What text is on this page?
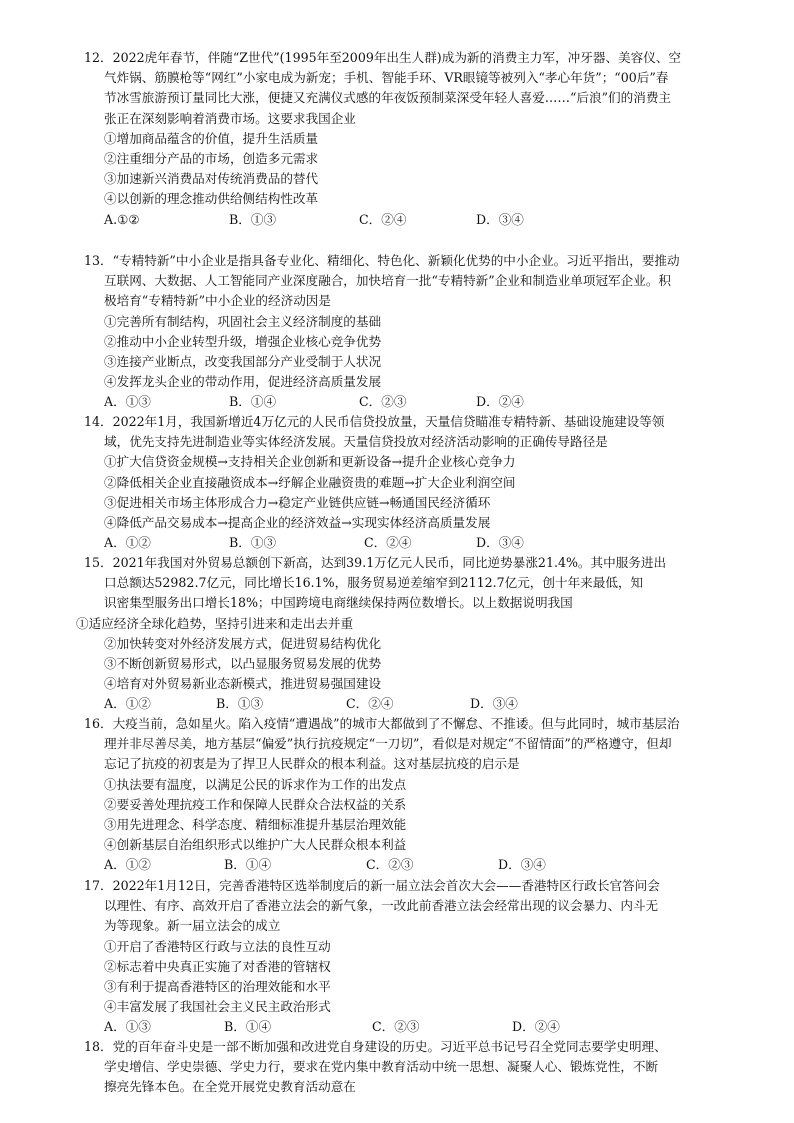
12．2022虎年春节，伴随“Z世代”(1995年至2009年出生人群)成为新的消费主力军，冲牙器、美容仪、空
气炸锅、筋膜枪等“网红”小家电成为新宠；手机、智能手环、VR眼镜等被列入“孝心年货”；“00后”春
节冰雪旅游预订量同比大涨，便捷又充满仪式感的年夜饭预制菜深受年轻人喜爱……“后浪”们的消费主
张正在深刻影响着消费市场。这要求我国企业
①增加商品蕴含的价值，提升生活质量
②注重细分产品的市场，创造多元需求
③加速新兴消费品对传统消费品的替代
④以创新的理念推动供给侧结构性改革
A.①②	B．①③	C．②④	D．③④
13．“专精特新”中小企业是指具备专业化、精细化、特色化、新颖化优势的中小企业。习近平指出，要推动
互联网、大数据、人工智能同产业深度融合，加快培育一批“专精特新”企业和制造业单项冠军企业。积
极培育“专精特新”中小企业的经济动因是
①完善所有制结构，巩固社会主义经济制度的基础
②推动中小企业转型升级，增强企业核心竞争优势
③连接产业断点，改变我国部分产业受制于人状况
④发挥龙头企业的带动作用，促进经济高质量发展
A．①③	B．①④	C．②③	D．②④
14．2022年1月，我国新增近4万亿元的人民币信贷投放量，天量信贷瞄准专精特新、基础设施建设等领
域，优先支持先进制造业等实体经济发展。天量信贷投放对经济活动影响的正确传导路径是
①扩大信贷资金规模→支持相关企业创新和更新设备→提升企业核心竞争力
②降低相关企业直接融资成本→纾解企业融资贵的难题→扩大企业利润空间
③促进相关市场主体形成合力→稳定产业链供应链→畅通国民经济循环
④降低产品交易成本→提高企业的经济效益→实现实体经济高质量发展
A．①②	B．①③	C．②④	D．③④
15．2021年我国对外贸易总额创下新高，达到39.1万亿元人民币，同比逆势暴涨21.4%。其中服务进出
口总额达52982.7亿元，同比增长16.1%，服务贸易逆差缩窄到2112.7亿元，创十年来最低，知
识密集型服务出口增长18%；中国跨境电商继续保持两位数增长。以上数据说明我国
①适应经济全球化趋势，坚持引进来和走出去并重
②加快转变对外经济发展方式，促进贸易结构优化
③不断创新贸易形式，以凸显服务贸易发展的优势
④培育对外贸易新业态新模式，推进贸易强国建设
A．①②	B．①③	C．②④	D．③④
16．大疫当前，急如星火。陷入疫情“遭遇战”的城市大都做到了不懈怠、不推诿。但与此同时，城市基层治
理并非尽善尽美，地方基层“偏爱”执行抗疫规定“一刀切”，看似是对规定“不留情面”的严格遵守，但却
忘记了抗疫的初衷是为了捍卫人民群众的根本利益。这对基层抗疫的启示是
①执法要有温度，以满足公民的诉求作为工作的出发点
②要妥善处理抗疫工作和保障人民群众合法权益的关系
③用先进理念、科学态度、精细标准提升基层治理效能
④创新基层自治组织形式以维护广大人民群众根本利益
A．①②	B．①④	C．②③	D．③④
17．2022年1月12日，完善香港特区选举制度后的新一届立法会首次大会——香港特区行政长官答问会
以理性、有序、高效开启了香港立法会的新气象，一改此前香港立法会经常出现的议会暴力、内斗无
为等现象。新一届立法会的成立
①开启了香港特区行政与立法的良性互动
②标志着中央真正实施了对香港的管辖权
③有利于提高香港特区的治理效能和水平
④丰富发展了我国社会主义民主政治形式
A．①③	B．①④	C．②③	D．②④
18．党的百年奋斗史是一部不断加强和改进党自身建设的历史。习近平总书记号召全党同志要学史明理、
学史增信、学史崇德、学史力行，要求在党内集中教育活动中统一思想、凝聚人心、锻炼党性，不断
擦亮先锋本色。在全党开展党史教育活动意在
